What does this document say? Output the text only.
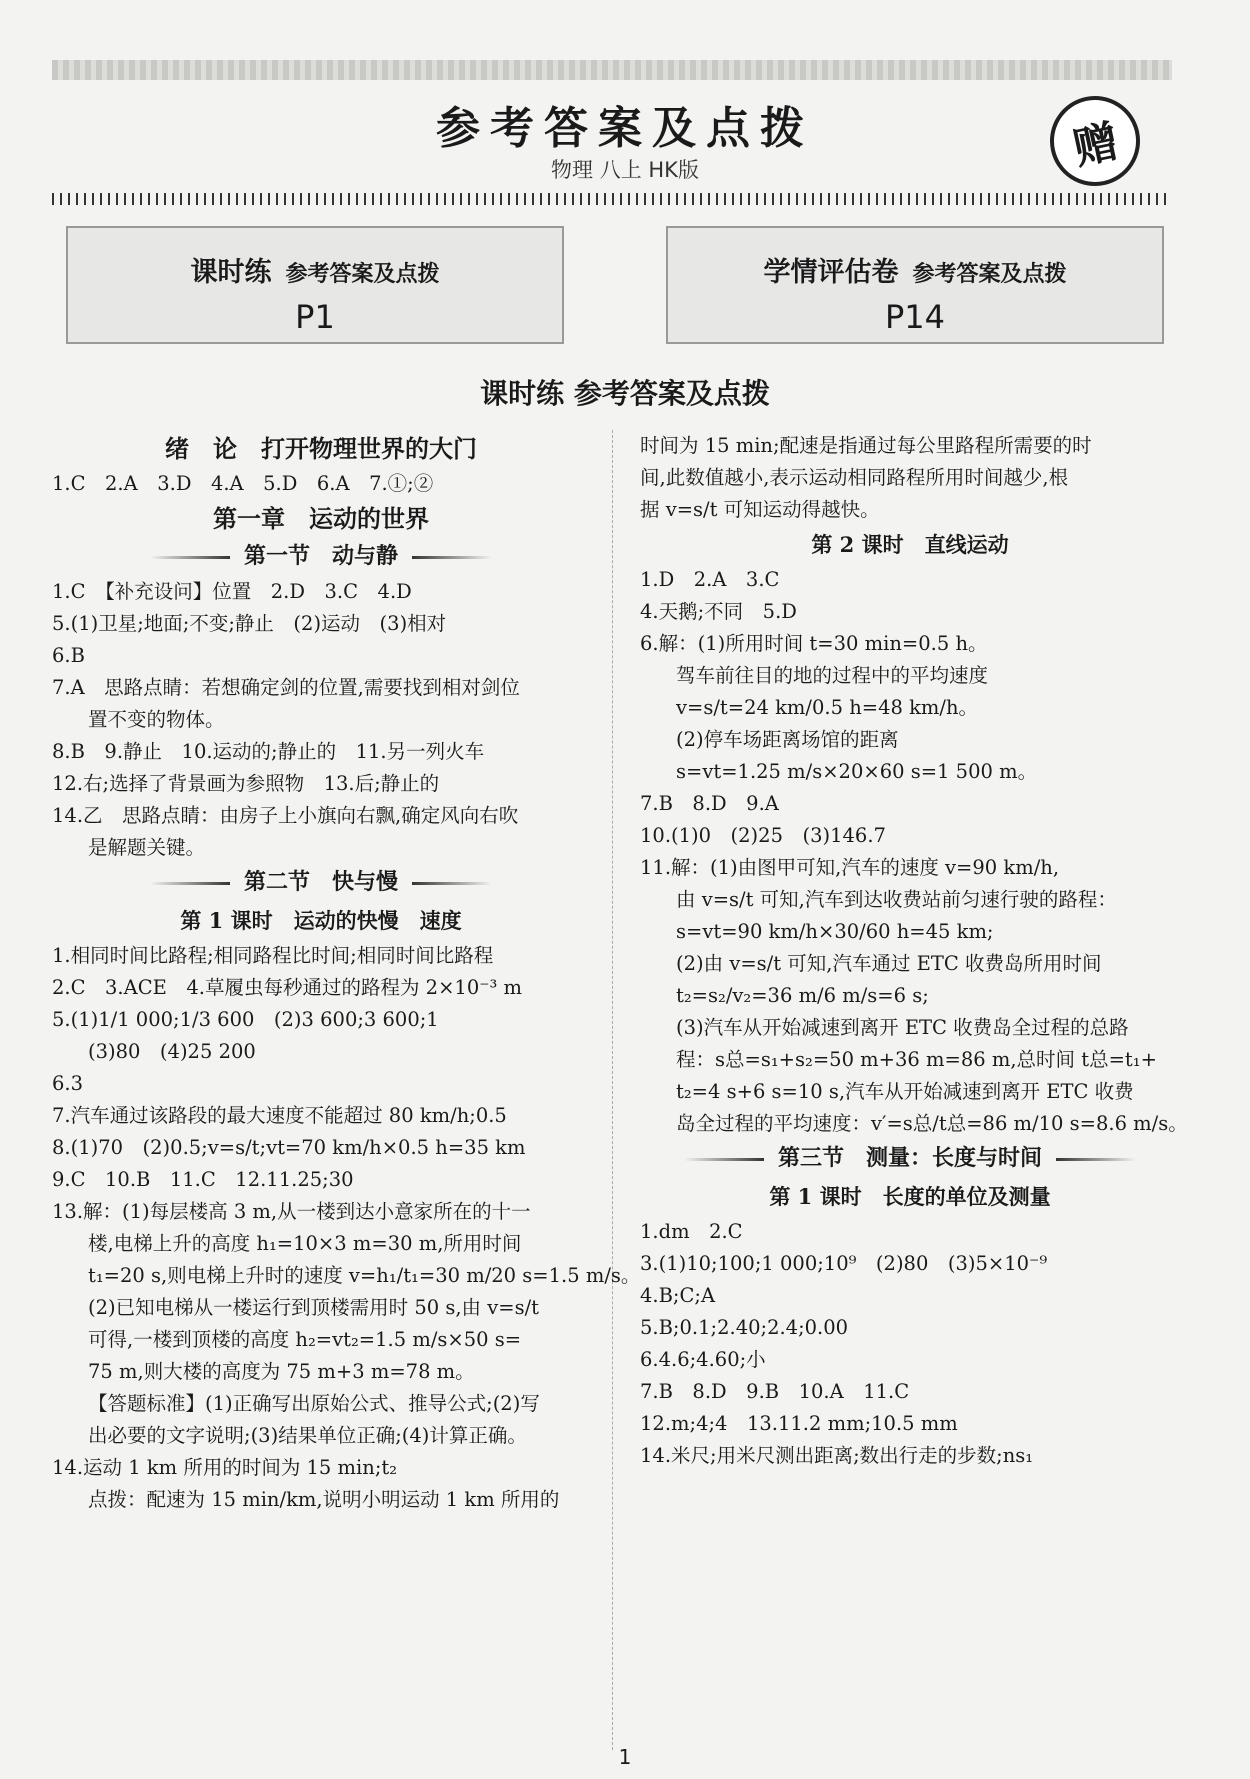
参考答案及点拨
物理 八上 HK版	赠
课时练 参考答案及点拨
P1
学情评估卷 参考答案及点拨
P14
课时练 参考答案及点拨
绪　论　打开物理世界的大门
1.C　2.A　3.D　4.A　5.D　6.A　7.①;②
第一章　运动的世界
第一节　动与静
1.C　【补充设问】位置　2.D　3.C　4.D
5.(1)卫星;地面;不变;静止　(2)运动　(3)相对
6.B
7.A　思路点睛：若想确定剑的位置,需要找到相对剑位
置不变的物体。
8.B　9.静止　10.运动的;静止的　11.另一列火车
12.右;选择了背景画为参照物　13.后;静止的
14.乙　思路点睛：由房子上小旗向右飘,确定风向右吹
是解题关键。
第二节　快与慢
第 1 课时　运动的快慢　速度
1.相同时间比路程;相同路程比时间;相同时间比路程
2.C　3.ACE　4.草履虫每秒通过的路程为 2×10⁻³ m
5.(1)1/1 000;1/3 600　(2)3 600;3 600;1
(3)80　(4)25 200
6.3
7.汽车通过该路段的最大速度不能超过 80 km/h;0.5
8.(1)70　(2)0.5;v=s/t;vt=70 km/h×0.5 h=35 km
9.C　10.B　11.C　12.11.25;30
13.解：(1)每层楼高 3 m,从一楼到达小意家所在的十一
楼,电梯上升的高度 h₁=10×3 m=30 m,所用时间
t₁=20 s,则电梯上升时的速度 v=h₁/t₁=30 m/20 s=1.5 m/s。
(2)已知电梯从一楼运行到顶楼需用时 50 s,由 v=s/t
可得,一楼到顶楼的高度 h₂=vt₂=1.5 m/s×50 s=
75 m,则大楼的高度为 75 m+3 m=78 m。
【答题标准】(1)正确写出原始公式、推导公式;(2)写
出必要的文字说明;(3)结果单位正确;(4)计算正确。
14.运动 1 km 所用的时间为 15 min;t₂
点拨：配速为 15 min/km,说明小明运动 1 km 所用的
时间为 15 min;配速是指通过每公里路程所需要的时
间,此数值越小,表示运动相同路程所用时间越少,根
据 v=s/t 可知运动得越快。
第 2 课时　直线运动
1.D　2.A　3.C
4.天鹅;不同　5.D
6.解：(1)所用时间 t=30 min=0.5 h。
驾车前往目的地的过程中的平均速度
v=s/t=24 km/0.5 h=48 km/h。
(2)停车场距离场馆的距离
s=vt=1.25 m/s×20×60 s=1 500 m。
7.B　8.D　9.A
10.(1)0　(2)25　(3)146.7
11.解：(1)由图甲可知,汽车的速度 v=90 km/h,
由 v=s/t 可知,汽车到达收费站前匀速行驶的路程：
s=vt=90 km/h×30/60 h=45 km;
(2)由 v=s/t 可知,汽车通过 ETC 收费岛所用时间
t₂=s₂/v₂=36 m/6 m/s=6 s;
(3)汽车从开始减速到离开 ETC 收费岛全过程的总路
程：s总=s₁+s₂=50 m+36 m=86 m,总时间 t总=t₁+
t₂=4 s+6 s=10 s,汽车从开始减速到离开 ETC 收费
岛全过程的平均速度：v′=s总/t总=86 m/10 s=8.6 m/s。
第三节　测量：长度与时间
第 1 课时　长度的单位及测量
1.dm　2.C
3.(1)10;100;1 000;10⁹　(2)80　(3)5×10⁻⁹
4.B;C;A
5.B;0.1;2.40;2.4;0.00
6.4.6;4.60;小
7.B　8.D　9.B　10.A　11.C
12.m;4;4　13.11.2 mm;10.5 mm
14.米尺;用米尺测出距离;数出行走的步数;ns₁
1
